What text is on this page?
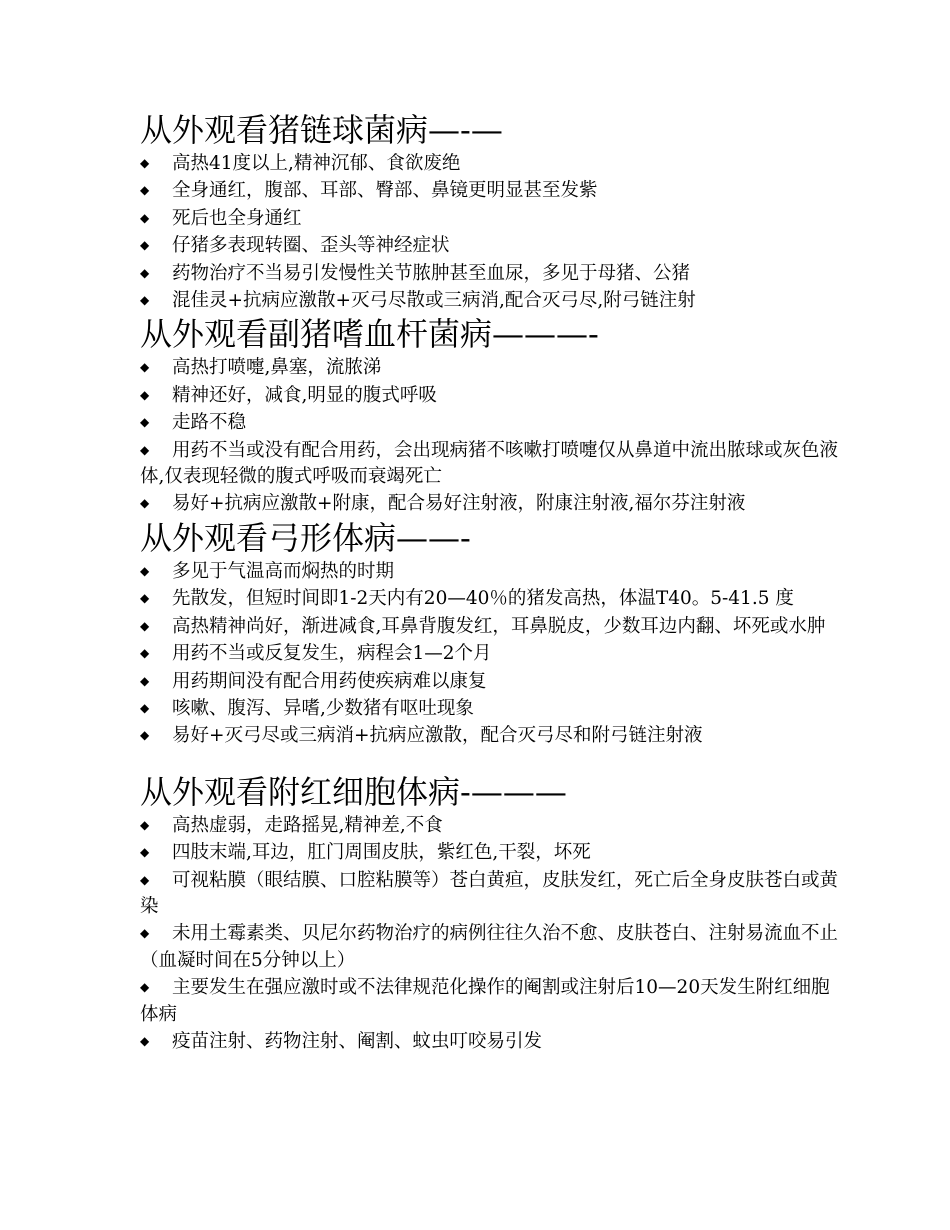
从外观看猪链球菌病—-—
◆ 高热41度以上,精神沉郁、食欲废绝
◆ 全身通红，腹部、耳部、臀部、鼻镜更明显甚至发紫
◆ 死后也全身通红
◆ 仔猪多表现转圈、歪头等神经症状
◆ 药物治疗不当易引发慢性关节脓肿甚至血尿，多见于母猪、公猪
◆ 混佳灵+抗病应激散+灭弓尽散或三病消,配合灭弓尽,附弓链注射
从外观看副猪嗜血杆菌病———-
◆ 高热打喷嚏,鼻塞，流脓涕
◆ 精神还好，减食,明显的腹式呼吸
◆ 走路不稳
◆ 用药不当或没有配合用药，会出现病猪不咳嗽打喷嚏仅从鼻道中流出脓球或灰色液体,仅表现轻微的腹式呼吸而衰竭死亡
◆ 易好+抗病应激散+附康，配合易好注射液，附康注射液,福尔芬注射液
从外观看弓形体病——-
◆ 多见于气温高而焖热的时期
◆ 先散发，但短时间即1-2天内有20—40％的猪发高热，体温T40。5-41.5 度
◆ 高热精神尚好，渐进减食,耳鼻背腹发红，耳鼻脱皮，少数耳边内翻、坏死或水肿
◆ 用药不当或反复发生，病程会1—2个月
◆ 用药期间没有配合用药使疾病难以康复
◆ 咳嗽、腹泻、异嗜,少数猪有呕吐现象
◆ 易好+灭弓尽或三病消+抗病应激散，配合灭弓尽和附弓链注射液
从外观看附红细胞体病-———
◆ 高热虚弱，走路摇晃,精神差,不食
◆ 四肢末端,耳边，肛门周围皮肤，紫红色,干裂，坏死
◆ 可视粘膜（眼结膜、口腔粘膜等）苍白黄疸，皮肤发红，死亡后全身皮肤苍白或黄染
◆ 未用土霉素类、贝尼尔药物治疗的病例往往久治不愈、皮肤苍白、注射易流血不止（血凝时间在5分钟以上）
◆ 主要发生在强应激时或不法律规范化操作的阉割或注射后10—20天发生附红细胞体病
◆ 疫苗注射、药物注射、阉割、蚊虫叮咬易引发
